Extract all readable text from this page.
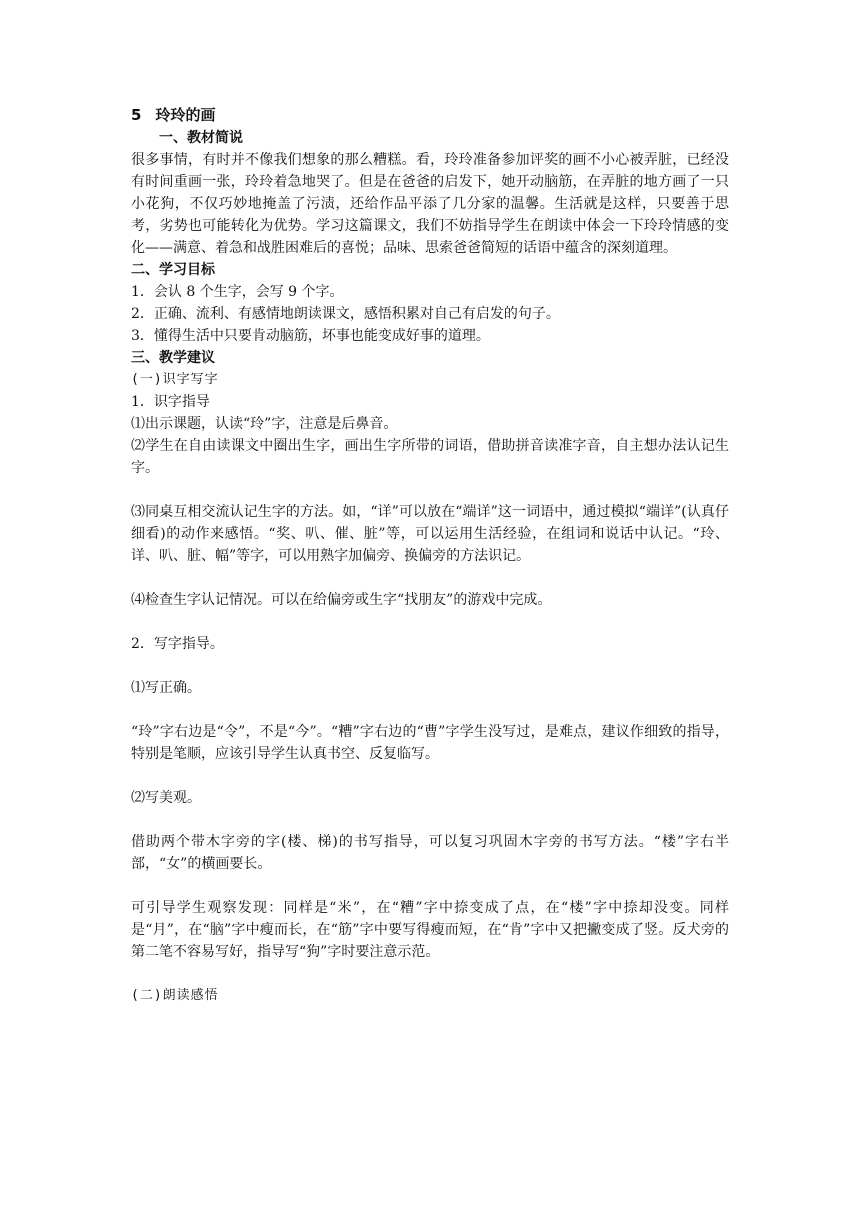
5 玲玲的画

一、教材简说

很多事情，有时并不像我们想象的那么糟糕。看，玲玲准备参加评奖的画不小心被弄脏，已经没有时间重画一张，玲玲着急地哭了。但是在爸爸的启发下，她开动脑筋，在弄脏的地方画了一只小花狗，不仅巧妙地掩盖了污渍，还给作品平添了几分家的温馨。生活就是这样，只要善于思考，劣势也可能转化为优势。学习这篇课文，我们不妨指导学生在朗读中体会一下玲玲情感的变化——满意、着急和战胜困难后的喜悦；品味、思索爸爸简短的话语中蕴含的深刻道理。

二、学习目标

1．会认 8 个生字，会写 9 个字。

2．正确、流利、有感情地朗读课文，感悟积累对自己有启发的句子。

3．懂得生活中只要肯动脑筋，坏事也能变成好事的道理。

三、教学建议

(一)识字写字

1．识字指导

⑴出示课题，认读“玲”字，注意是后鼻音。

⑵学生在自由读课文中圈出生字，画出生字所带的词语，借助拼音读准字音，自主想办法认记生字。

⑶同桌互相交流认记生字的方法。如，“详”可以放在“端详”这一词语中，通过模拟“端详”(认真仔细看)的动作来感悟。“奖、叭、催、脏”等，可以运用生活经验，在组词和说话中认记。“玲、详、叭、脏、幅”等字，可以用熟字加偏旁、换偏旁的方法识记。

⑷检查生字认记情况。可以在给偏旁或生字“找朋友”的游戏中完成。

2．写字指导。

⑴写正确。

“玲”字右边是“令”，不是“今”。“糟”字右边的“曹”字学生没写过，是难点，建议作细致的指导，特别是笔顺，应该引导学生认真书空、反复临写。

⑵写美观。

借助两个带木字旁的字(楼、梯)的书写指导，可以复习巩固木字旁的书写方法。“楼”字右半部，“女”的横画要长。

可引导学生观察发现：同样是“米”，在“糟”字中捺变成了点，在“楼”字中捺却没变。同样是“月”，在“脑”字中瘦而长，在“筋”字中要写得瘦而短，在“肯”字中又把撇变成了竖。反犬旁的第二笔不容易写好，指导写“狗”字时要注意示范。

(二)朗读感悟
